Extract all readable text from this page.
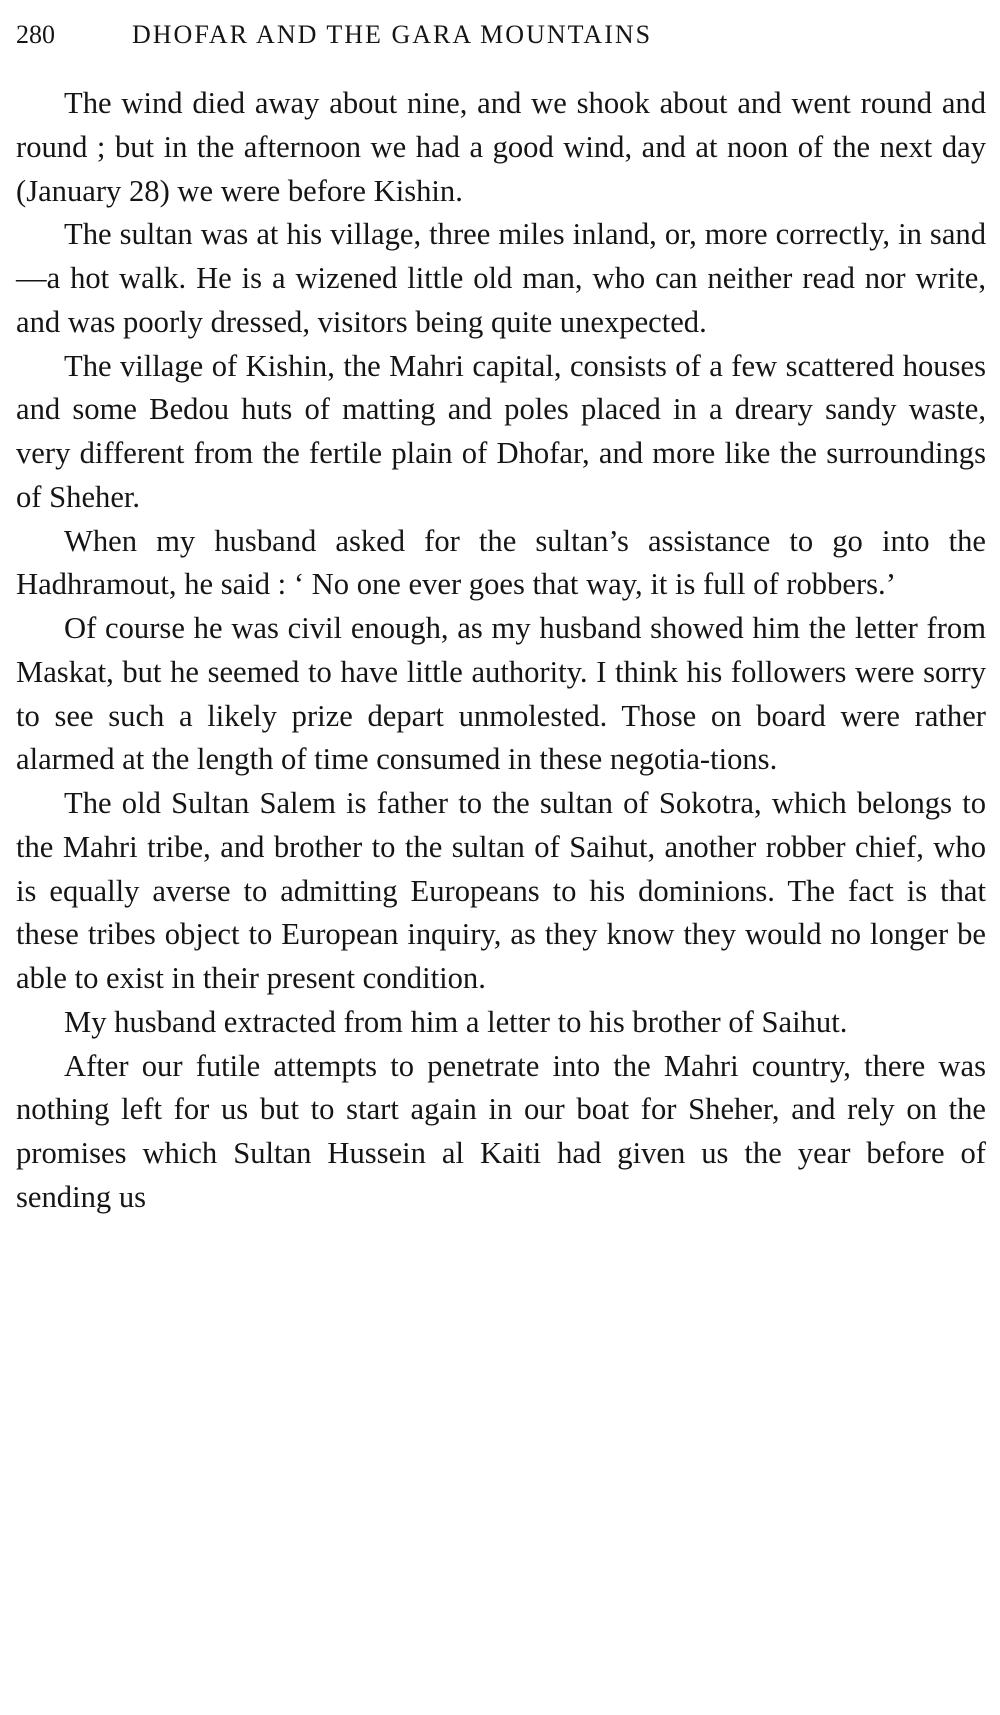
280	DHOFAR AND THE GARA MOUNTAINS

The wind died away about nine, and we shook about and went round and round ; but in the afternoon we had a good wind, and at noon of the next day (January 28) we were before Kishin.

The sultan was at his village, three miles inland, or, more correctly, in sand—a hot walk. He is a wizened little old man, who can neither read nor write, and was poorly dressed, visitors being quite unexpected.

The village of Kishin, the Mahri capital, consists of a few scattered houses and some Bedou huts of matting and poles placed in a dreary sandy waste, very different from the fertile plain of Dhofar, and more like the surroundings of Sheher.

When my husband asked for the sultan’s assistance to go into the Hadhramout, he said : ‘ No one ever goes that way, it is full of robbers.’

Of course he was civil enough, as my husband showed him the letter from Maskat, but he seemed to have little authority. I think his followers were sorry to see such a likely prize depart unmolested. Those on board were rather alarmed at the length of time consumed in these negotia-tions.

The old Sultan Salem is father to the sultan of Sokotra, which belongs to the Mahri tribe, and brother to the sultan of Saihut, another robber chief, who is equally averse to admitting Europeans to his dominions. The fact is that these tribes object to European inquiry, as they know they would no longer be able to exist in their present condition.

My husband extracted from him a letter to his brother of Saihut.

After our futile attempts to penetrate into the Mahri country, there was nothing left for us but to start again in our boat for Sheher, and rely on the promises which Sultan Hussein al Kaiti had given us the year before of sending us
